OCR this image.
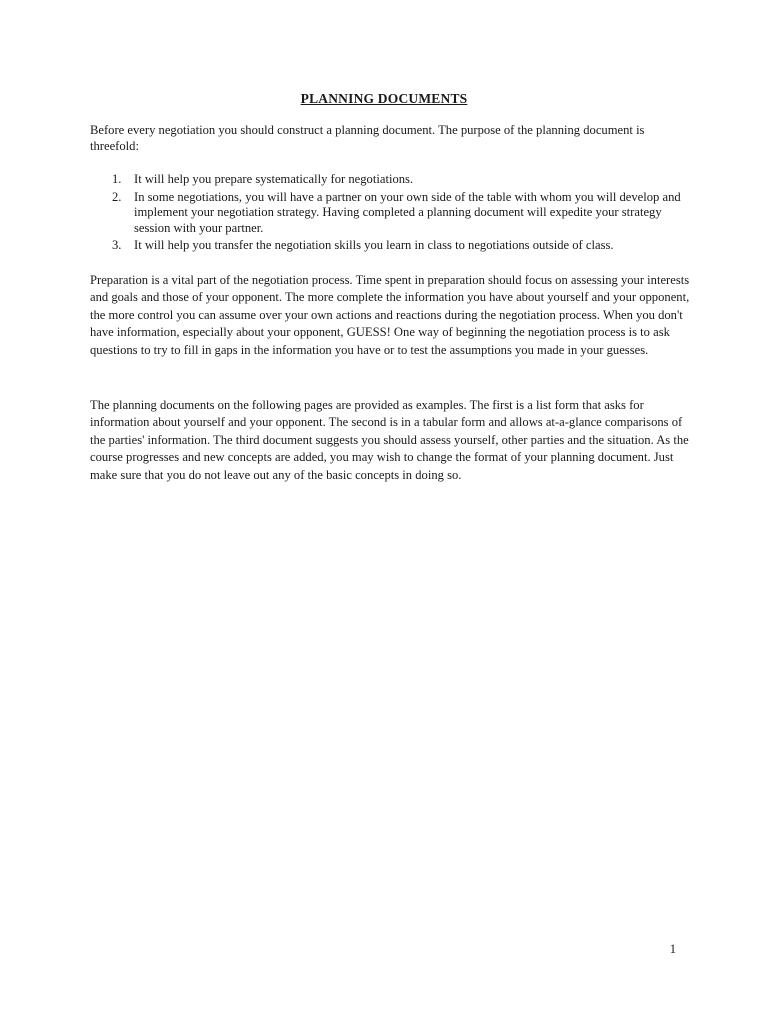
PLANNING DOCUMENTS

Before every negotiation you should construct a planning document. The purpose of the planning document is threefold:

1. It will help you prepare systematically for negotiations.
2. In some negotiations, you will have a partner on your own side of the table with whom you will develop and implement your negotiation strategy. Having completed a planning document will expedite your strategy session with your partner.
3. It will help you transfer the negotiation skills you learn in class to negotiations outside of class.

Preparation is a vital part of the negotiation process. Time spent in preparation should focus on assessing your interests and goals and those of your opponent. The more complete the information you have about yourself and your opponent, the more control you can assume over your own actions and reactions during the negotiation process. When you don't have information, especially about your opponent, GUESS! One way of beginning the negotiation process is to ask questions to try to fill in gaps in the information you have or to test the assumptions you made in your guesses.

The planning documents on the following pages are provided as examples. The first is a list form that asks for information about yourself and your opponent. The second is in a tabular form and allows at-a-glance comparisons of the parties' information. The third document suggests you should assess yourself, other parties and the situation. As the course progresses and new concepts are added, you may wish to change the format of your planning document. Just make sure that you do not leave out any of the basic concepts in doing so.

1
